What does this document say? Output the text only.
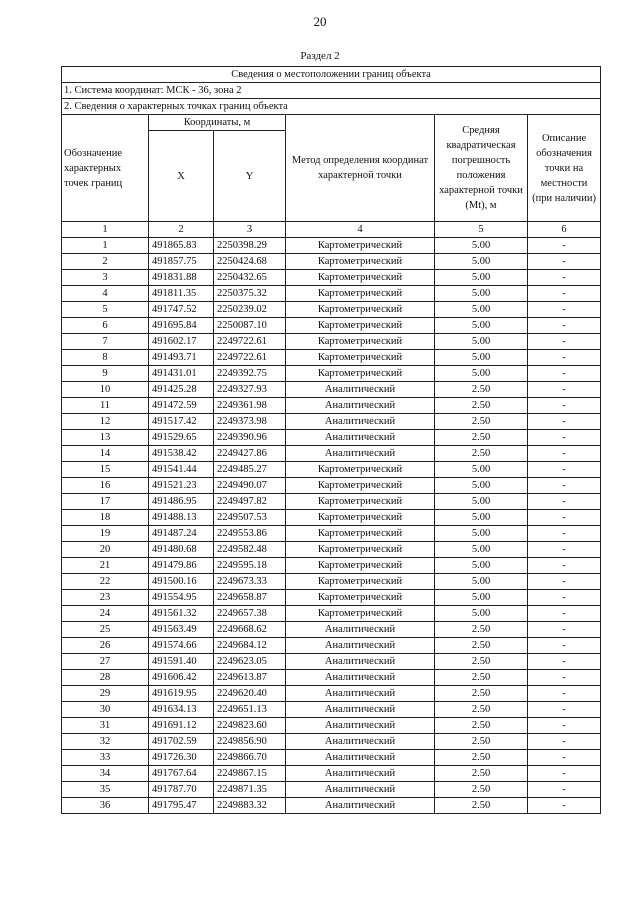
20
Раздел 2
Сведения о местоположении границ объекта					
1. Система координат: МСК - 36, зона 2					
2. Сведения о характерных точках границ объекта					
Обозначение характерных точек границ	Координаты, м		Метод определения координат характерной точки	Средняя квадратическая погрешность положения характерной точки (Mt), м	Описание обозначения точки на местности (при наличии)
	X	Y			
1	2	3	4	5	6
1	491865.83	2250398.29	Картометрический	5.00	-
2	491857.75	2250424.68	Картометрический	5.00	-
3	491831.88	2250432.65	Картометрический	5.00	-
4	491811.35	2250375.32	Картометрический	5.00	-
5	491747.52	2250239.02	Картометрический	5.00	-
6	491695.84	2250087.10	Картометрический	5.00	-
7	491602.17	2249722.61	Картометрический	5.00	-
8	491493.71	2249722.61	Картометрический	5.00	-
9	491431.01	2249392.75	Картометрический	5.00	-
10	491425.28	2249327.93	Аналитический	2.50	-
11	491472.59	2249361.98	Аналитический	2.50	-
12	491517.42	2249373.98	Аналитический	2.50	-
13	491529.65	2249390.96	Аналитический	2.50	-
14	491538.42	2249427.86	Аналитический	2.50	-
15	491541.44	2249485.27	Картометрический	5.00	-
16	491521.23	2249490.07	Картометрический	5.00	-
17	491486.95	2249497.82	Картометрический	5.00	-
18	491488.13	2249507.53	Картометрический	5.00	-
19	491487.24	2249553.86	Картометрический	5.00	-
20	491480.68	2249582.48	Картометрический	5.00	-
21	491479.86	2249595.18	Картометрический	5.00	-
22	491500.16	2249673.33	Картометрический	5.00	-
23	491554.95	2249658.87	Картометрический	5.00	-
24	491561.32	2249657.38	Картометрический	5.00	-
25	491563.49	2249668.62	Аналитический	2.50	-
26	491574.66	2249684.12	Аналитический	2.50	-
27	491591.40	2249623.05	Аналитический	2.50	-
28	491606.42	2249613.87	Аналитический	2.50	-
29	491619.95	2249620.40	Аналитический	2.50	-
30	491634.13	2249651.13	Аналитический	2.50	-
31	491691.12	2249823.60	Аналитический	2.50	-
32	491702.59	2249856.90	Аналитический	2.50	-
33	491726.30	2249866.70	Аналитический	2.50	-
34	491767.64	2249867.15	Аналитический	2.50	-
35	491787.70	2249871.35	Аналитический	2.50	-
36	491795.47	2249883.32	Аналитический	2.50	-
